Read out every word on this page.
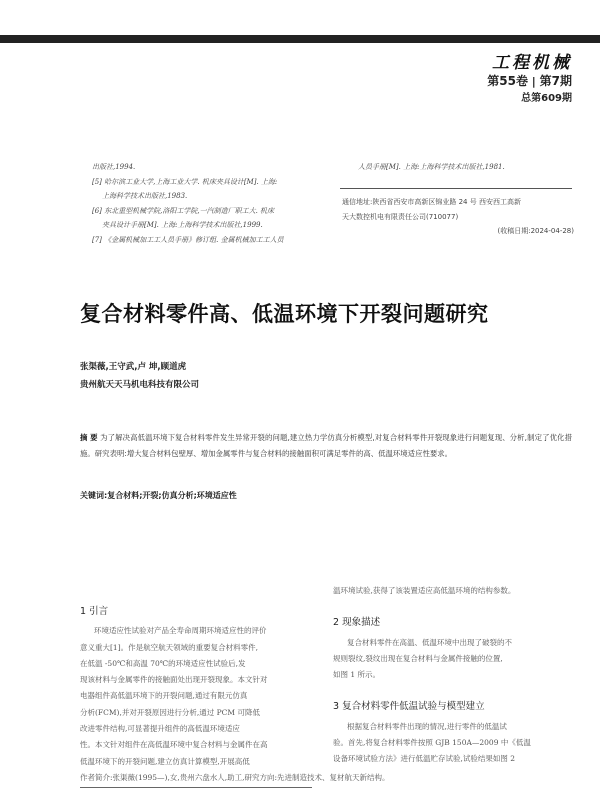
工程机械
第55卷 | 第7期
总第609期
出版社,1994.
[5] 哈尔滨工业大学,上海工业大学. 机床夹具设计[M]. 上海:
上海科学技术出版社,1983.
[6] 东北重型机械学院,洛阳工学院,一汽制造厂职工大. 机床
夹具设计手册[M]. 上海:上海科学技术出版社,1999.
[7] 《金属机械加工工人员手册》修订组. 金属机械加工工人员
人员手册[M]. 上海:上海科学技术出版社,1981.
通信地址:陕西省西安市高新区锦业路 24 号 西安西工高新
天大数控机电有限责任公司(710077)
(收稿日期:2024-04-28)
复合材料零件高、低温环境下开裂问题研究
张渠薇,王守武,卢 坤,顾道虎
贵州航天天马机电科技有限公司
摘 要 为了解决高低温环境下复合材料零件发生异常开裂的问题,建立热力学仿真分析模型,对复合材料零件开裂现象进行问题复现、分析,制定了优化措施。研究表明:增大复合材料包壁厚、增加金属零件与复合材料的接触面积可满足零件的高、低温环境适应性要求。
关键词:复合材料;开裂;仿真分析;环境适应性
1 引言
环境适应性试验对产品全寿命周期环境适应性的评价
意义重大[1]。作是航空航天领域的重要复合材料零件,
在低温 -50℃和高温 70℃的环境适应性试验后,发
现该材料与金属零件的接触面处出现开裂现象。本文针对
电器组件高低温环境下的开裂问题,通过有限元仿真
分析(FCM),并对开裂原因进行分析,通过 PCM 可降低
改进零件结构,可显著提升组件的高低温环境适应
性。本文针对组件在高低温环境中复合材料与金属件在高
低温环境下的开裂问题,建立仿真计算模型,开展高低
作者简介:张渠薇(1995—),女,贵州六盘水人,助工,研究方向:先进制造技术、复材航天新结构。
温环境试验,获得了该装置适应高低温环境的结构参数。
2 现象描述
复合材料零件在高温、低温环境中出现了破裂的不
规则裂纹,裂纹出现在复合材料与金属件接触的位置,
如图 1 所示。
3 复合材料零件低温试验与模型建立
根据复合材料零件出现的情况,进行零件的低温试
验。首先,将复合材料零件按照 GJB 150A—2009 中《低温
设备环境试验方法》进行低温贮存试验,试验结果如图 2
